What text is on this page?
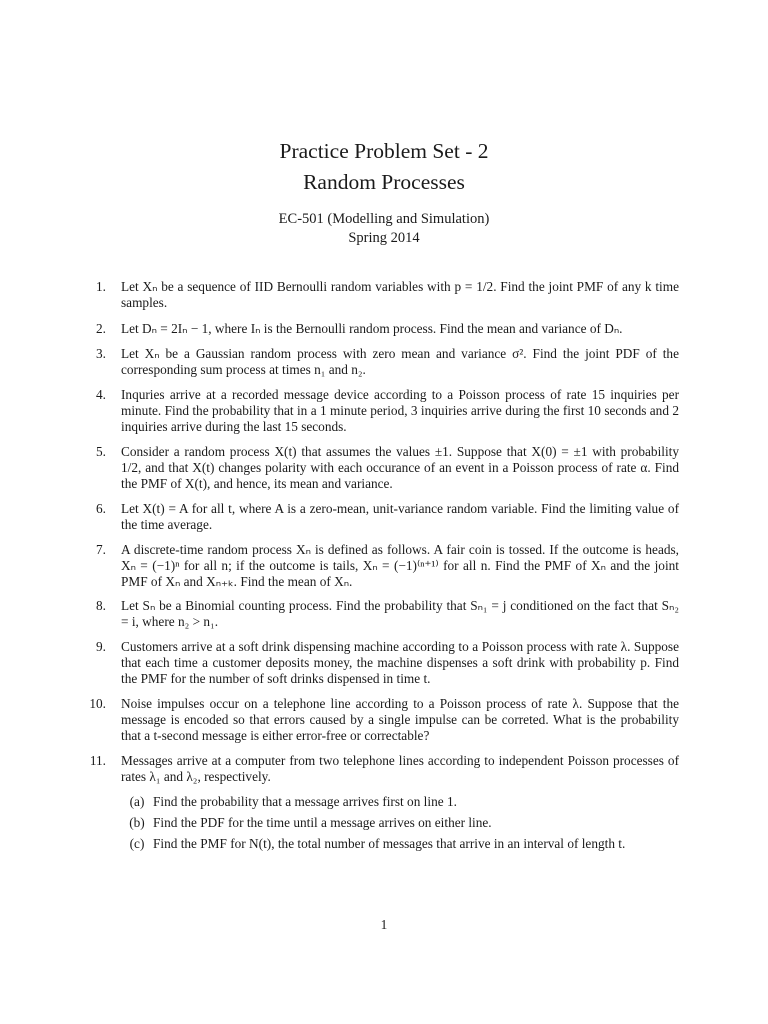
Practice Problem Set - 2
Random Processes
EC-501 (Modelling and Simulation)
Spring 2014
1. Let Xₙ be a sequence of IID Bernoulli random variables with p = 1/2. Find the joint PMF of any k time samples.
2. Let Dₙ = 2Iₙ − 1, where Iₙ is the Bernoulli random process. Find the mean and variance of Dₙ.
3. Let Xₙ be a Gaussian random process with zero mean and variance σ². Find the joint PDF of the corresponding sum process at times n₁ and n₂.
4. Inquries arrive at a recorded message device according to a Poisson process of rate 15 inquiries per minute. Find the probability that in a 1 minute period, 3 inquiries arrive during the first 10 seconds and 2 inquiries arrive during the last 15 seconds.
5. Consider a random process X(t) that assumes the values ±1. Suppose that X(0) = ±1 with probability 1/2, and that X(t) changes polarity with each occurance of an event in a Poisson process of rate α. Find the PMF of X(t), and hence, its mean and variance.
6. Let X(t) = A for all t, where A is a zero-mean, unit-variance random variable. Find the limiting value of the time average.
7. A discrete-time random process Xₙ is defined as follows. A fair coin is tossed. If the outcome is heads, Xₙ = (−1)ⁿ for all n; if the outcome is tails, Xₙ = (−1)⁽ⁿ⁺¹⁾ for all n. Find the PMF of Xₙ and the joint PMF of Xₙ and Xₙ₊ₖ. Find the mean of Xₙ.
8. Let Sₙ be a Binomial counting process. Find the probability that Sₙ₁ = j conditioned on the fact that Sₙ₂ = i, where n₂ > n₁.
9. Customers arrive at a soft drink dispensing machine according to a Poisson process with rate λ. Suppose that each time a customer deposits money, the machine dispenses a soft drink with probability p. Find the PMF for the number of soft drinks dispensed in time t.
10. Noise impulses occur on a telephone line according to a Poisson process of rate λ. Suppose that the message is encoded so that errors caused by a single impulse can be correted. What is the probability that a t-second message is either error-free or correctable?
11. Messages arrive at a computer from two telephone lines according to independent Poisson processes of rates λ₁ and λ₂, respectively.
(a) Find the probability that a message arrives first on line 1.
(b) Find the PDF for the time until a message arrives on either line.
(c) Find the PMF for N(t), the total number of messages that arrive in an interval of length t.
1
